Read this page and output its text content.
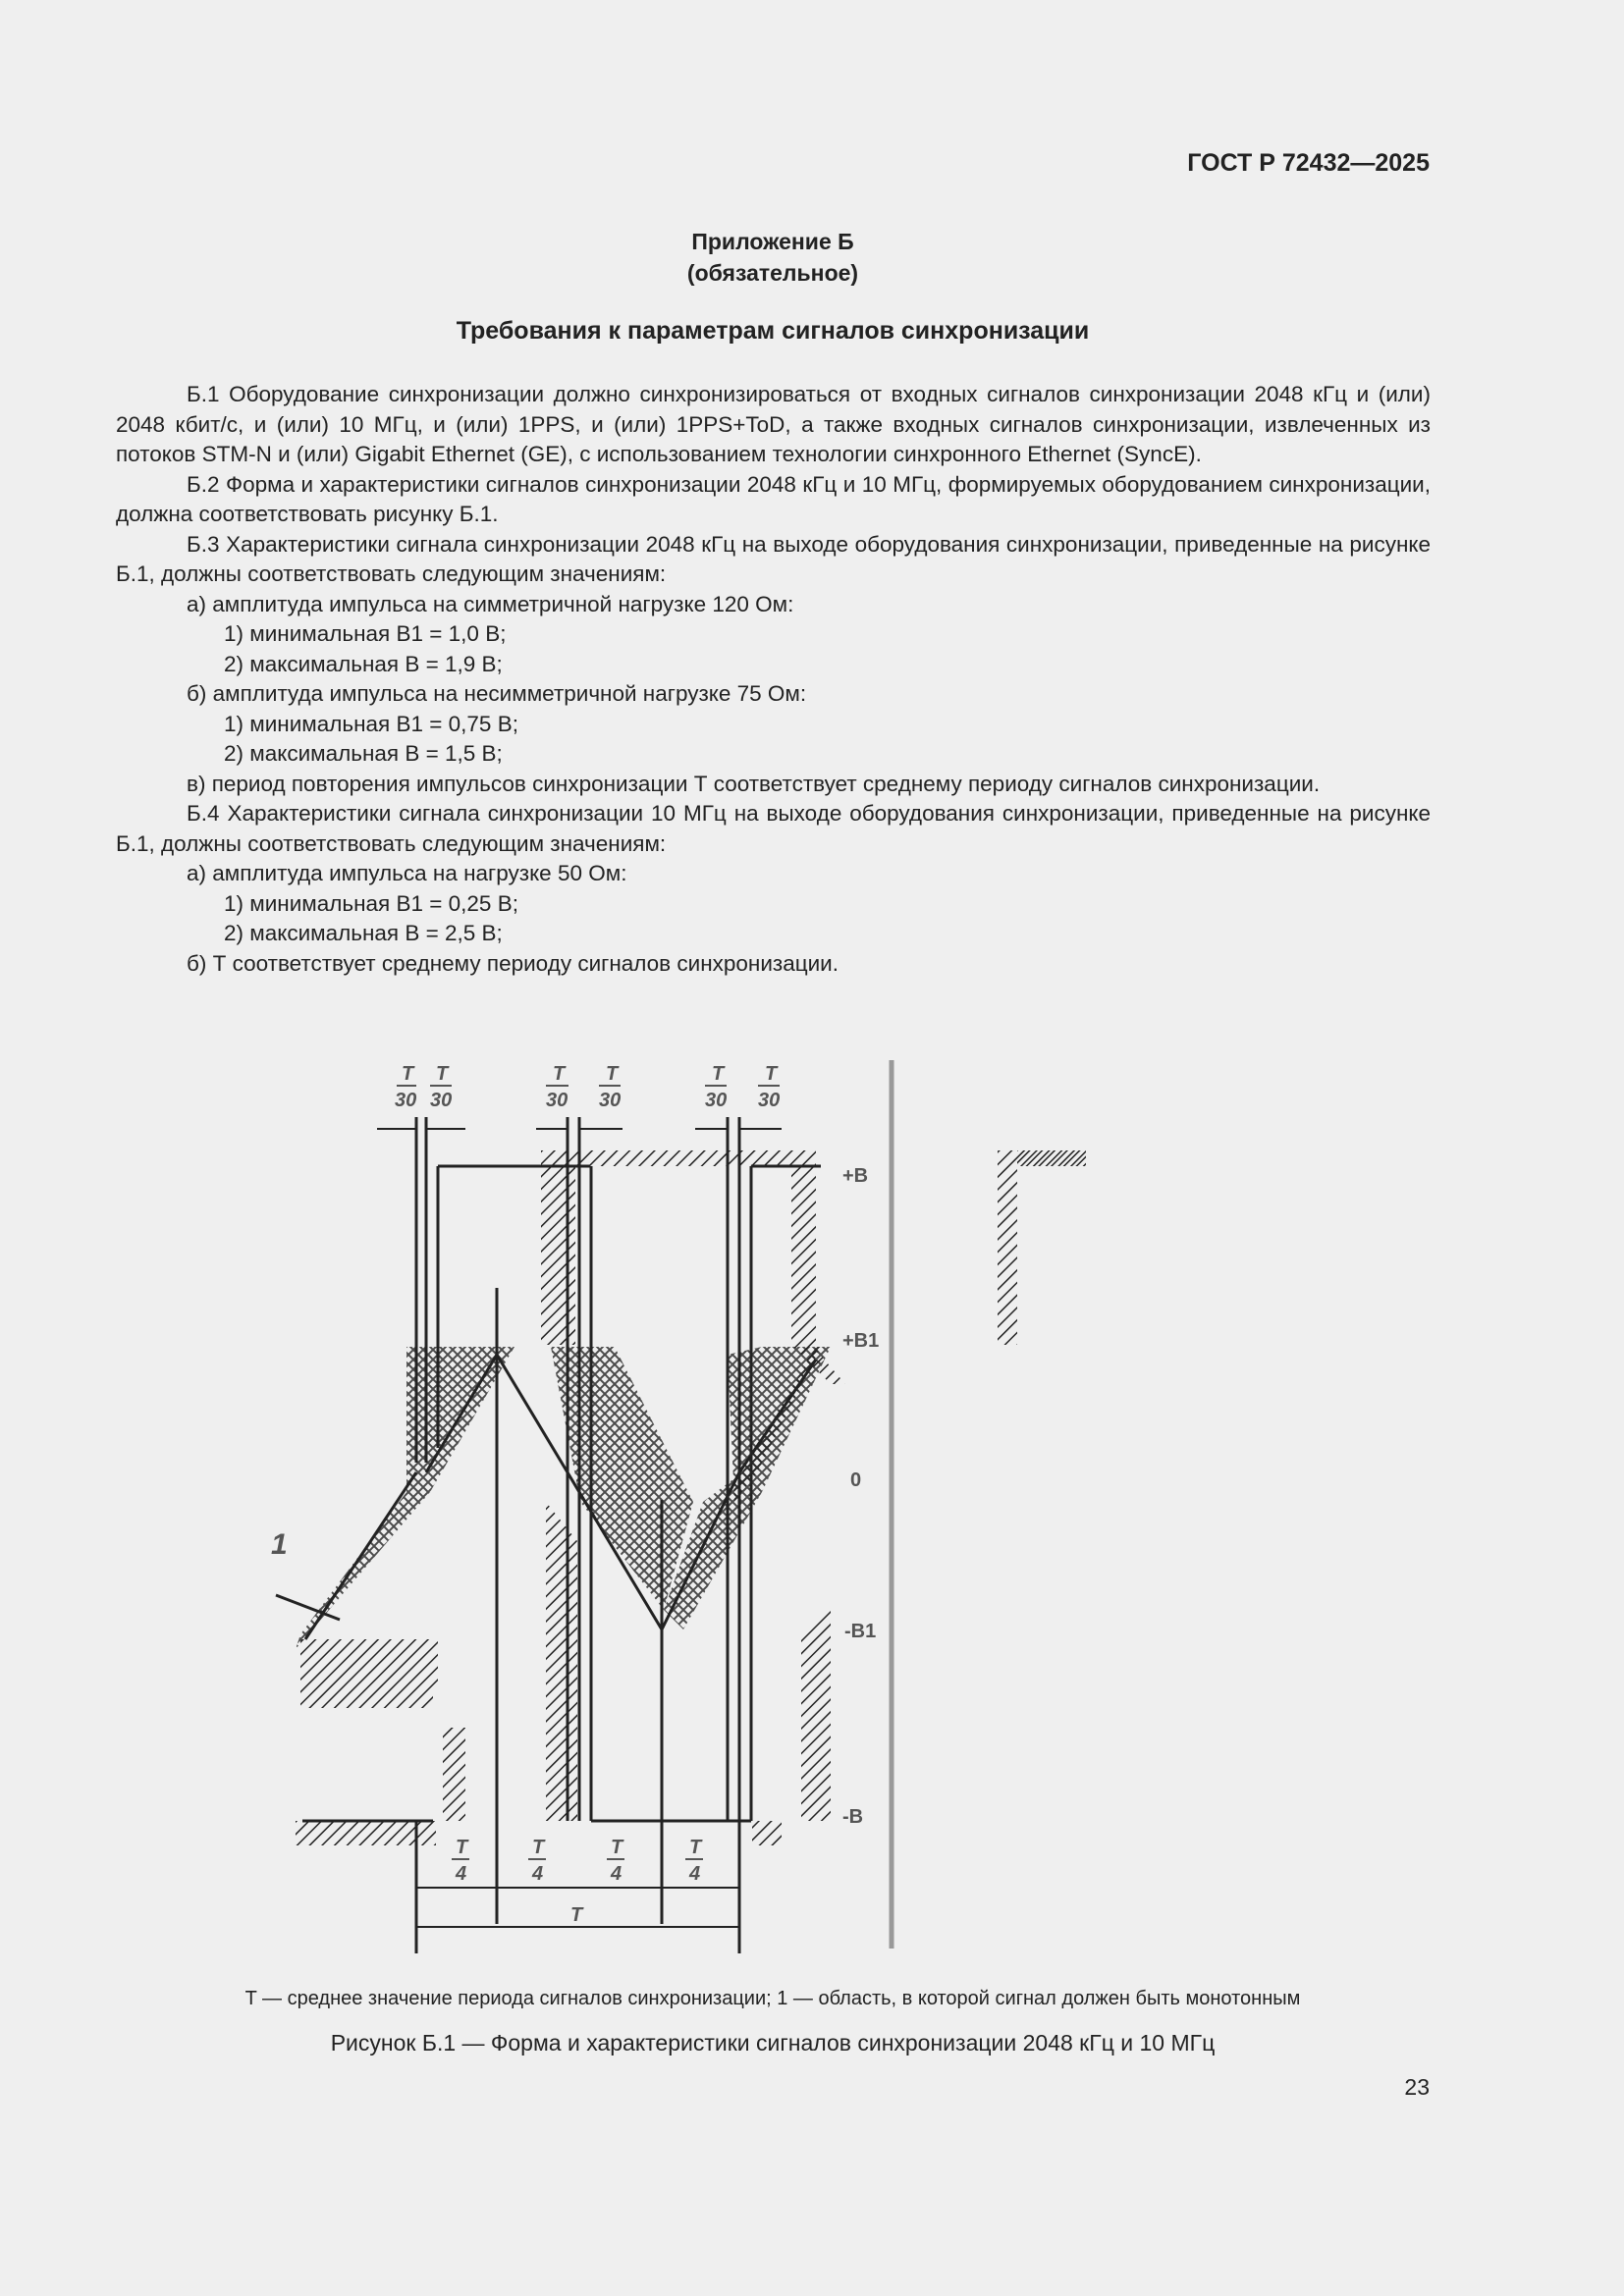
ГОСТ Р 72432—2025
Приложение Б
(обязательное)
Требования к параметрам сигналов синхронизации

Б.1 Оборудование синхронизации должно синхронизироваться от входных сигналов синхронизации 2048 кГц и (или) 2048 кбит/с, и (или) 10 МГц, и (или) 1PPS, и (или) 1PPS+ToD, а также входных сигналов синхронизации, извлеченных из потоков STM-N и (или) Gigabit Ethernet (GE), с использованием технологии синхронного Ethernet (SyncE).

Б.2 Форма и характеристики сигналов синхронизации 2048 кГц и 10 МГц, формируемых оборудованием синхронизации, должна соответствовать рисунку Б.1.

Б.3 Характеристики сигнала синхронизации 2048 кГц на выходе оборудования синхронизации, приведенные на рисунке Б.1, должны соответствовать следующим значениям:

а) амплитуда импульса на симметричной нагрузке 120 Ом:

1) минимальная В1 = 1,0 В;

2) максимальная В = 1,9 В;

б) амплитуда импульса на несимметричной нагрузке 75 Ом:

1) минимальная В1 = 0,75 В;

2) максимальная В = 1,5 В;

в) период повторения импульсов синхронизации Т соответствует среднему периоду сигналов синхронизации.

Б.4 Характеристики сигнала синхронизации 10 МГц на выходе оборудования синхронизации, приведенные на рисунке Б.1, должны соответствовать следующим значениям:

а) амплитуда импульса на нагрузке 50 Ом:

1) минимальная В1 = 0,25 В;

2) максимальная В = 2,5 В;

б) Т соответствует среднему периоду сигналов синхронизации.

T
30
T
30
T
30
T
30
T
30
T
30
T
4
T
4
T
4
T
4
T
1
+B
+B1
0
-B1
-B
T — среднее значение периода сигналов синхронизации; 1 — область, в которой сигнал должен быть монотонным
Рисунок Б.1 — Форма и характеристики сигналов синхронизации 2048 кГц и 10 МГц
23
